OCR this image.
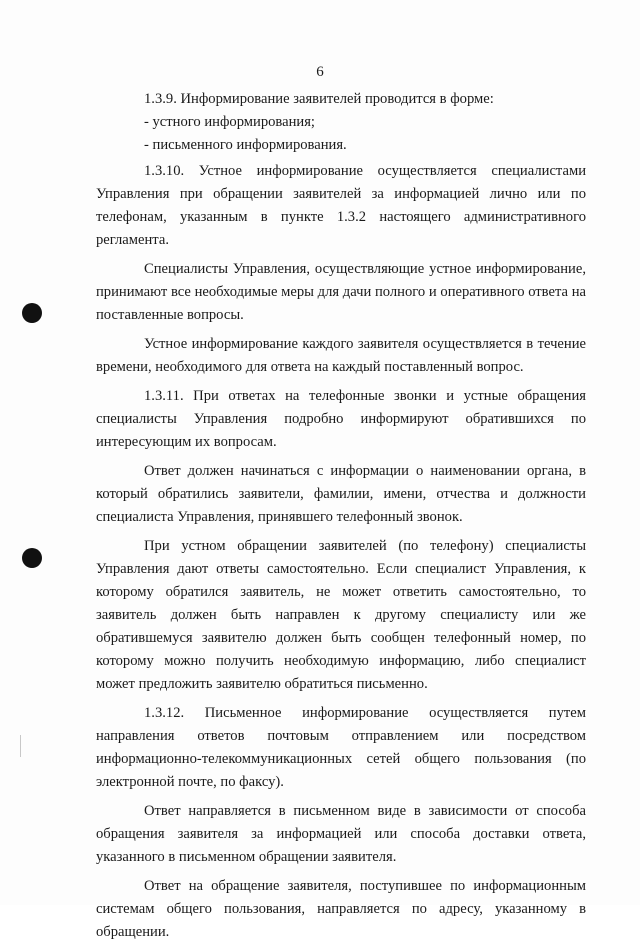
6

1.3.9. Информирование заявителей проводится в форме:

- устного информирования;

- письменного информирования.

1.3.10. Устное информирование осуществляется специалистами Управления при обращении заявителей за информацией лично или по телефонам, указанным в пункте 1.3.2 настоящего административного регламента.

Специалисты Управления, осуществляющие устное информирование, принимают все необходимые меры для дачи полного и оперативного ответа на поставленные вопросы.

Устное информирование каждого заявителя осуществляется в течение времени, необходимого для ответа на каждый поставленный вопрос.

1.3.11. При ответах на телефонные звонки и устные обращения специалисты Управления подробно информируют обратившихся по интересующим их вопросам.

Ответ должен начинаться с информации о наименовании органа, в который обратились заявители, фамилии, имени, отчества и должности специалиста Управления, принявшего телефонный звонок.

При устном обращении заявителей (по телефону) специалисты Управления дают ответы самостоятельно. Если специалист Управления, к которому обратился заявитель, не может ответить самостоятельно, то заявитель должен быть направлен к другому специалисту или же обратившемуся заявителю должен быть сообщен телефонный номер, по которому можно получить необходимую информацию, либо специалист может предложить заявителю обратиться письменно.

1.3.12. Письменное информирование осуществляется путем направления ответов почтовым отправлением или посредством информационно-телекоммуникационных сетей общего пользования (по электронной почте, по факсу).

Ответ направляется в письменном виде в зависимости от способа обращения заявителя за информацией или способа доставки ответа, указанного в письменном обращении заявителя.

Ответ на обращение заявителя, поступившее по информационным системам общего пользования, направляется по адресу, указанному в обращении.
